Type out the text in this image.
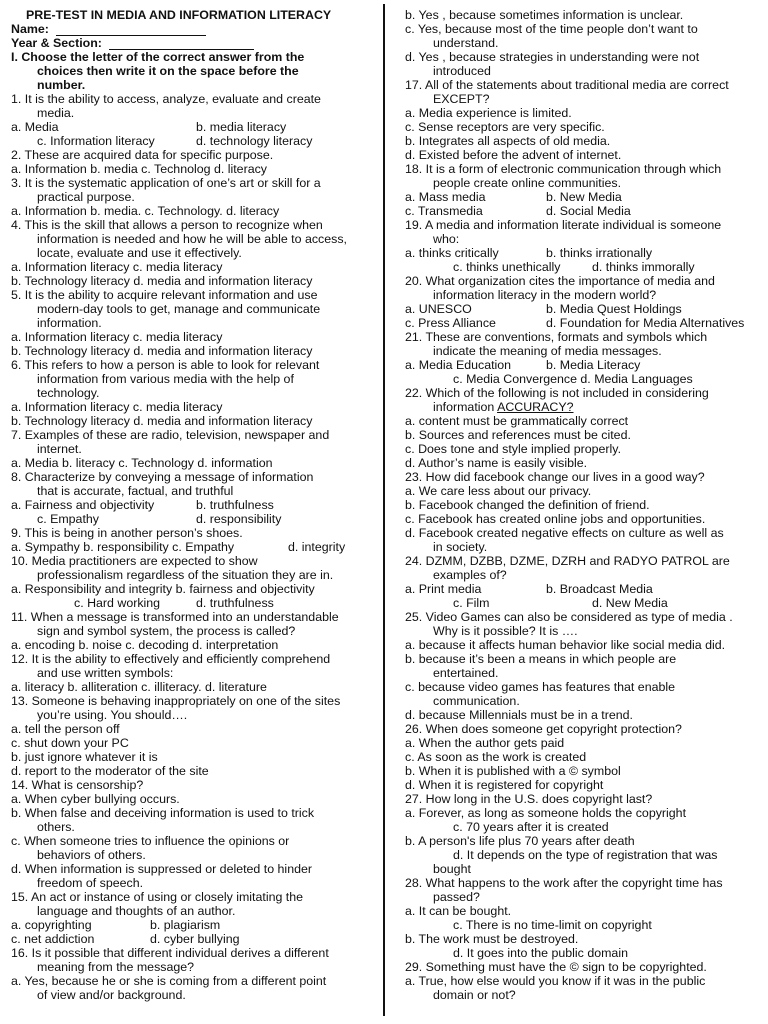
PRE-TEST IN MEDIA AND INFORMATION LITERACY
Name:
Year & Section:
I. Choose the letter of the correct answer from the
choices then write it on the space before the
number.
1. It is the ability to access, analyze, evaluate and create
media.
a. Media	b. media literacy
c. Information literacy	d. technology literacy
2. These are acquired data for specific purpose.
a. Information b. media c. Technolog d. literacy
3. It is the systematic application of one’s art or skill for a
practical purpose.
a. Information b. media. c. Technology. d. literacy
4. This is the skill that allows a person to recognize when
information is needed and how he will be able to access,
locate, evaluate and use it effectively.
a. Information literacy c. media literacy
b. Technology literacy d. media and information literacy
5. It is the ability to acquire relevant information and use
modern-day tools to get, manage and communicate
information.
a. Information literacy c. media literacy
b. Technology literacy d. media and information literacy
6. This refers to how a person is able to look for relevant
information from various media with the help of
technology.
a. Information literacy c. media literacy
b. Technology literacy d. media and information literacy
7. Examples of these are radio, television, newspaper and
internet.
a. Media b. literacy c. Technology d. information
8. Characterize by conveying a message of information
that is accurate, factual, and truthful
a. Fairness and objectivity	b. truthfulness
c. Empathy	d. responsibility
9. This is being in another person’s shoes.
a. Sympathy b. responsibility c. Empathy	d. integrity
10. Media practitioners are expected to show
professionalism regardless of the situation they are in.
a. Responsibility and integrity b. fairness and objectivity
c. Hard working	d. truthfulness
11. When a message is transformed into an understandable
sign and symbol system, the process is called?
a. encoding b. noise c. decoding d. interpretation
12. It is the ability to effectively and efficiently comprehend
and use written symbols:
a. literacy b. alliteration c. illiteracy. d. literature
13. Someone is behaving inappropriately on one of the sites
you’re using. You should….
a. tell the person off
c. shut down your PC
b. just ignore whatever it is
d. report to the moderator of the site
14. What is censorship?
a. When cyber bullying occurs.
b. When false and deceiving information is used to trick
others.
c. When someone tries to influence the opinions or
behaviors of others.
d. When information is suppressed or deleted to hinder
freedom of speech.
15. An act or instance of using or closely imitating the
language and thoughts of an author.
a. copyrighting	b. plagiarism
c. net addiction	d. cyber bullying
16. Is it possible that different individual derives a different
meaning from the message?
a. Yes, because he or she is coming from a different point
of view and/or background.
b. Yes , because sometimes information is unclear.
c. Yes, because most of the time people don’t want to
understand.
d. Yes , because strategies in understanding were not
introduced
17. All of the statements about traditional media are correct
EXCEPT?
a. Media experience is limited.
c. Sense receptors are very specific.
b. Integrates all aspects of old media.
d. Existed before the advent of internet.
18. It is a form of electronic communication through which
people create online communities.
a. Mass media	b. New Media
c. Transmedia	d. Social Media
19. A media and information literate individual is someone
who:
a. thinks critically	b. thinks irrationally
c. thinks unethically	d. thinks immorally
20. What organization cites the importance of media and
information literacy in the modern world?
a. UNESCO	b. Media Quest Holdings
c. Press Alliance	d. Foundation for Media Alternatives
21. These are conventions, formats and symbols which
indicate the meaning of media messages.
a. Media Education	b. Media Literacy
c. Media Convergence d. Media Languages
22. Which of the following is not included in considering
information ACCURACY?
a. content must be grammatically correct
b. Sources and references must be cited.
c. Does tone and style implied properly.
d. Author’s name is easily visible.
23. How did facebook change our lives in a good way?
a. We care less about our privacy.
b. Facebook changed the definition of friend.
c. Facebook has created online jobs and opportunities.
d. Facebook created negative effects on culture as well as
in society.
24. DZMM, DZBB, DZME, DZRH and RADYO PATROL are
examples of?
a. Print media	b. Broadcast Media
c. Film	d. New Media
25. Video Games can also be considered as type of media .
Why is it possible? It is ….
a. because it affects human behavior like social media did.
b. because it’s been a means in which people are
entertained.
c. because video games has features that enable
communication.
d. because Millennials must be in a trend.
26. When does someone get copyright protection?
a. When the author gets paid
c. As soon as the work is created
b. When it is published with a © symbol
d. When it is registered for copyright
27. How long in the U.S. does copyright last?
a. Forever, as long as someone holds the copyright
c. 70 years after it is created
b. A person's life plus 70 years after death
d. It depends on the type of registration that was
bought
28. What happens to the work after the copyright time has
passed?
a. It can be bought.
c. There is no time-limit on copyright
b. The work must be destroyed.
d. It goes into the public domain
29. Something must have the © sign to be copyrighted.
a. True, how else would you know if it was in the public
domain or not?
